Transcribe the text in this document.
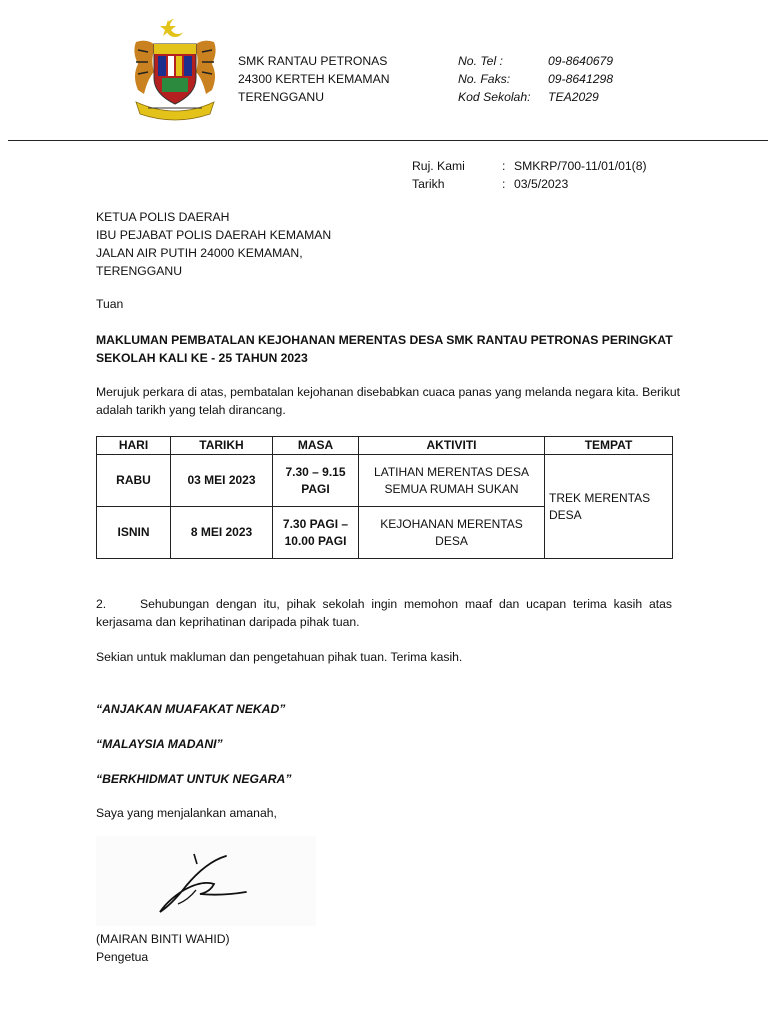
SMK RANTAU PETRONAS
24300 KERTEH KEMAMAN
TERENGGANU
No. Tel :	09-8640679
No. Faks:	09-8641298
Kod Sekolah: TEA2029
Ruj. Kami	: SMKRP/700-11/01/01(8)
Tarikh	: 03/5/2023
KETUA POLIS DAERAH
IBU PEJABAT POLIS DAERAH KEMAMAN
JALAN AIR PUTIH 24000 KEMAMAN,
TERENGGANU
Tuan
MAKLUMAN PEMBATALAN KEJOHANAN MERENTAS DESA SMK RANTAU PETRONAS PERINGKAT SEKOLAH KALI KE - 25 TAHUN 2023
Merujuk perkara di atas, pembatalan kejohanan disebabkan cuaca panas yang melanda negara kita. Berikut adalah tarikh yang telah dirancang.
HARI	TARIKH	MASA	AKTIVITI	TEMPAT
RABU	03 MEI 2023	7.30 – 9.15 PAGI	LATIHAN MERENTAS DESA SEMUA RUMAH SUKAN	TREK MERENTAS DESA
ISNIN	8 MEI 2023	7.30 PAGI – 10.00 PAGI	KEJOHANAN MERENTAS DESA	
2.	Sehubungan dengan itu, pihak sekolah ingin memohon maaf dan ucapan terima kasih atas kerjasama dan keprihatinan daripada pihak tuan.
Sekian untuk makluman dan pengetahuan pihak tuan. Terima kasih.
“ANJAKAN MUAFAKAT NEKAD”
“MALAYSIA MADANI”
“BERKHIDMAT UNTUK NEGARA”
Saya yang menjalankan amanah,
(MAIRAN BINTI WAHID)
Pengetua
